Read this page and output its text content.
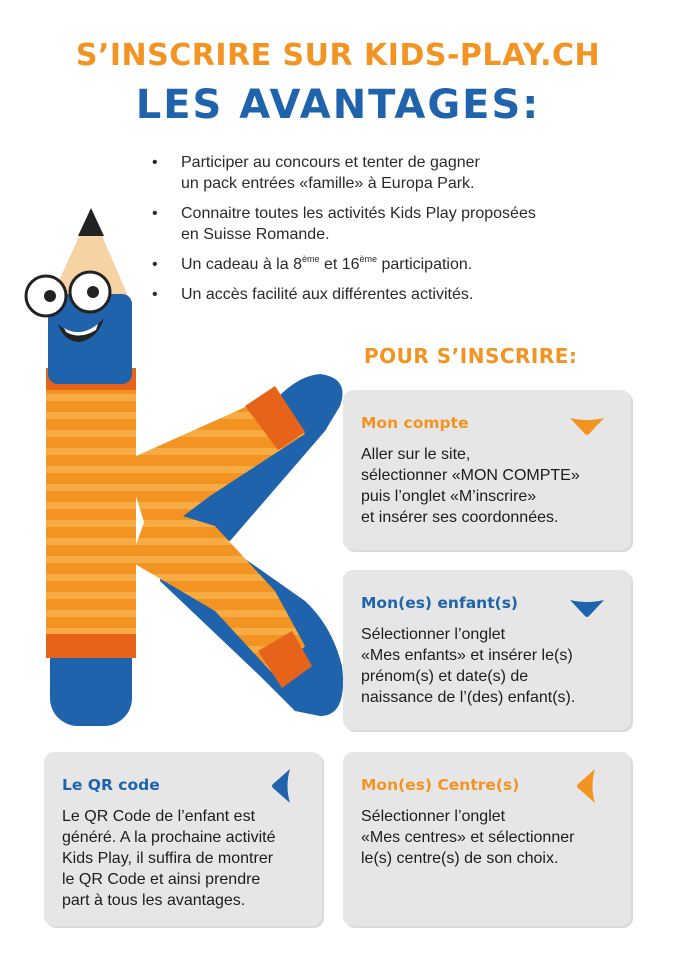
S’INSCRIRE SUR KIDS-PLAY.CH
LES AVANTAGES:
• Participer au concours et tenter de gagner
un pack entrées «famille» à Europa Park.
• Connaitre toutes les activités Kids Play proposées
en Suisse Romande.
• Un cadeau à la 8ème et 16ème participation.
• Un accès facilité aux différentes activités.
POUR S’INSCRIRE:
Mon compte
Aller sur le site,
sélectionner «MON COMPTE»
puis l’onglet «M’inscrire»
et insérer ses coordonnées.
Mon(es) enfant(s)
Sélectionner l’onglet
«Mes enfants» et insérer le(s)
prénom(s) et date(s) de
naissance de l’(des) enfant(s).
Le QR code
Le QR Code de l’enfant est
généré. A la prochaine activité
Kids Play, il suffira de montrer
le QR Code et ainsi prendre
part à tous les avantages.
Mon(es) Centre(s)
Sélectionner l’onglet
«Mes centres» et sélectionner
le(s) centre(s) de son choix.
